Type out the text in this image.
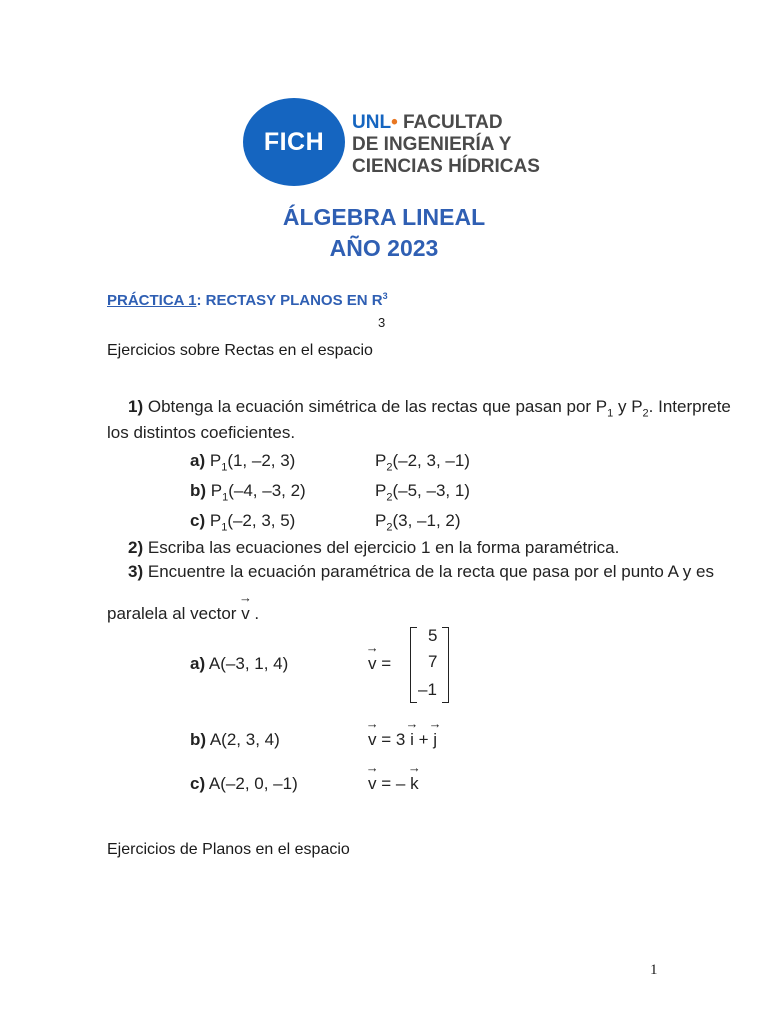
FICH
UNL• FACULTAD
DE INGENIERÍA Y
CIENCIAS HÍDRICAS
ÁLGEBRA LINEAL
AÑO 2023
PRÁCTICA 1: RECTASY PLANOS EN $R^3$
3
Ejercicios sobre Rectas en el espacio
1) Obtenga la ecuación simétrica de las rectas que pasan por $P_1$ y $P_2$. Interprete
los distintos coeficientes.
a) $P_1(1$, –2, 3)	$P_2(-2$, 3, –1)
b) $P_1(-4$, –3, 2)	$P_2(-5$, –3, 1)
c) $P_1(-2$, 3, 5)	$P_2(3$, –1, 2)
2) Escriba las ecuaciones del ejercicio 1 en la forma paramétrica.
3) Encuentre la ecuación paramétrica de la recta que pasa por el punto A y es
paralela al vector → v .
a) A(–3, 1, 4)	→ v =
5
7
–1
b) A(2, 3, 4)	→ v = 3 → i + → j
c) A(–2, 0, –1)	→ v = – → k
Ejercicios de Planos en el espacio
1
